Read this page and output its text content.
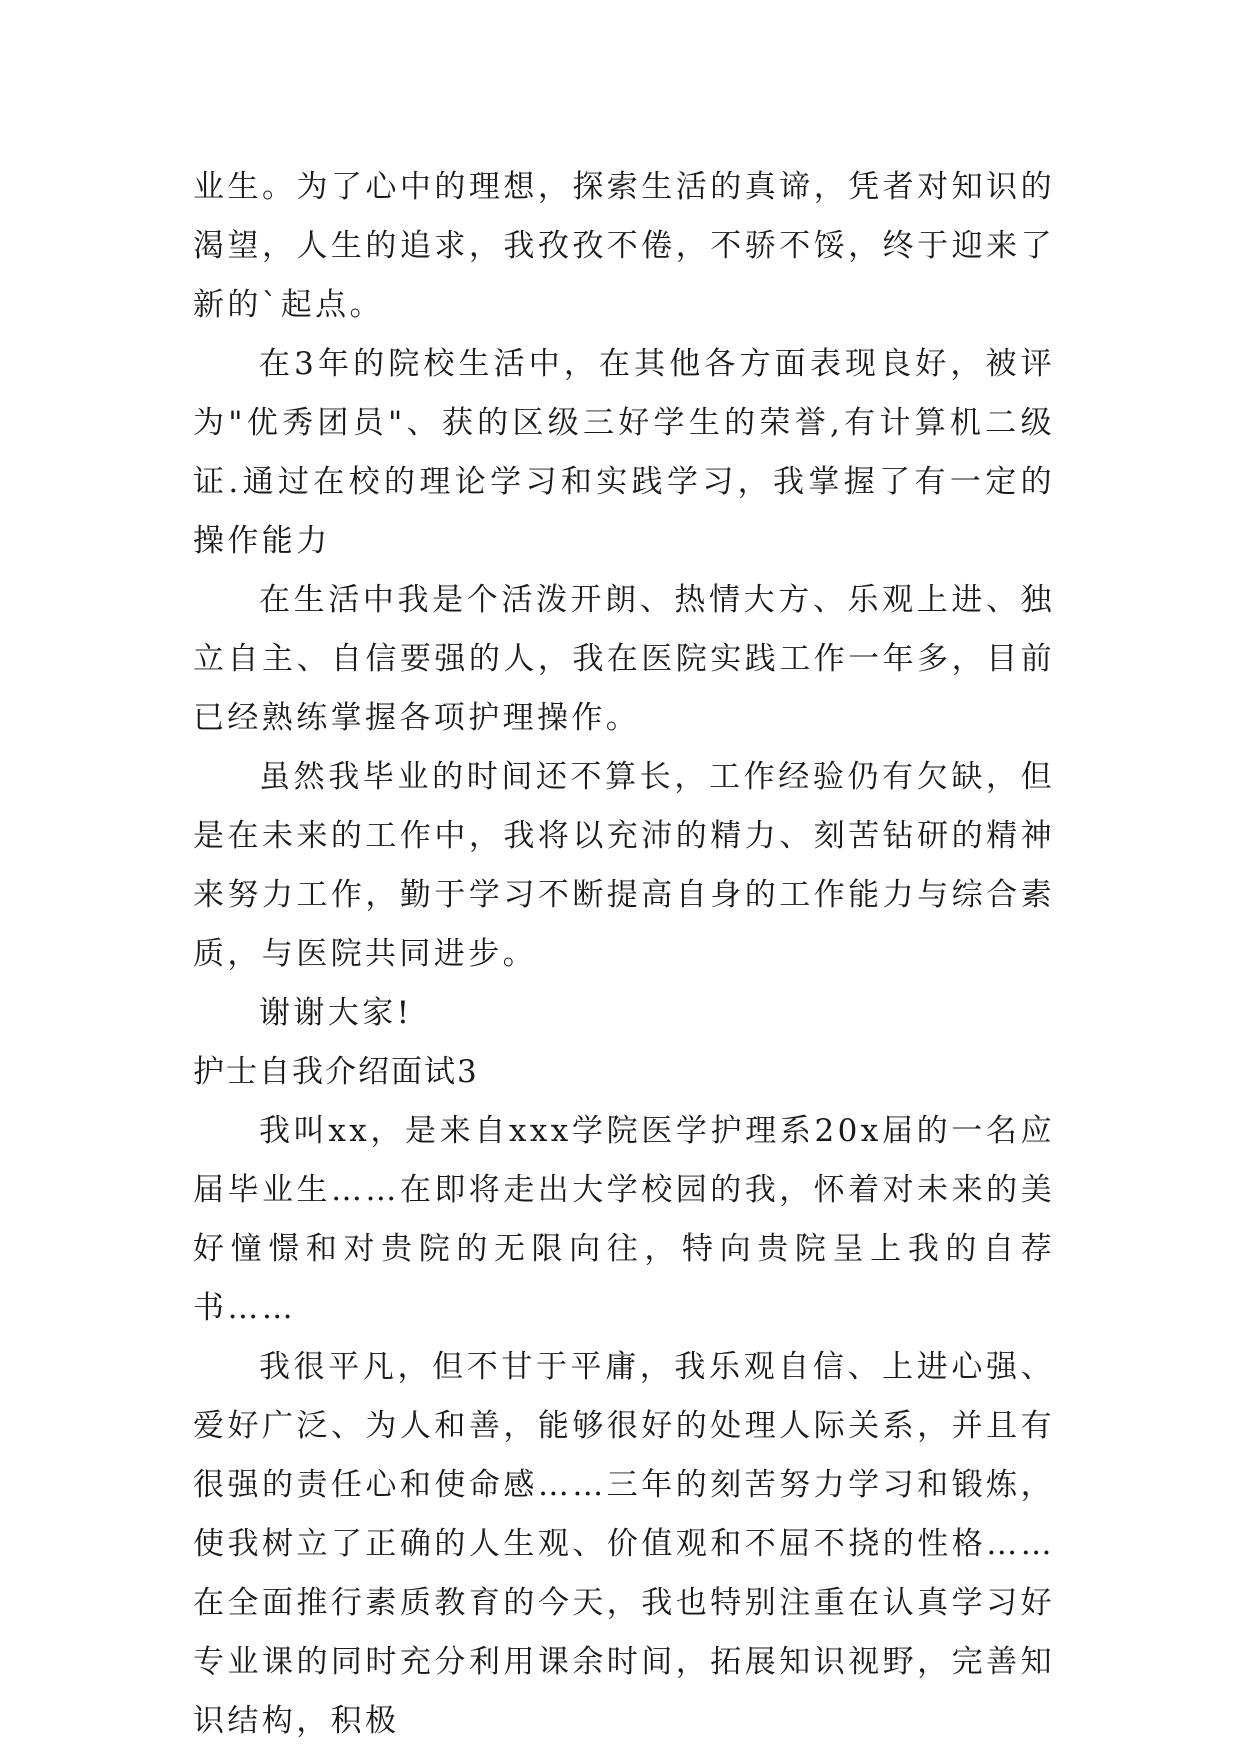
业生。为了心中的理想，探索生活的真谛，凭者对知识的渴望，人生的追求，我孜孜不倦，不骄不馁，终于迎来了新的`起点。

在3年的院校生活中，在其他各方面表现良好，被评为"优秀团员"、获的区级三好学生的荣誉,有计算机二级证.通过在校的理论学习和实践学习，我掌握了有一定的操作能力

在生活中我是个活泼开朗、热情大方、乐观上进、独立自主、自信要强的人，我在医院实践工作一年多，目前已经熟练掌握各项护理操作。

虽然我毕业的时间还不算长，工作经验仍有欠缺，但是在未来的工作中，我将以充沛的精力、刻苦钻研的精神来努力工作，勤于学习不断提高自身的工作能力与综合素质，与医院共同进步。

谢谢大家!

护士自我介绍面试3

我叫xx，是来自xxx学院医学护理系20x届的一名应届毕业生……在即将走出大学校园的我，怀着对未来的美好憧憬和对贵院的无限向往，特向贵院呈上我的自荐书……

我很平凡，但不甘于平庸，我乐观自信、上进心强、爱好广泛、为人和善，能够很好的处理人际关系，并且有很强的责任心和使命感……三年的刻苦努力学习和锻炼，使我树立了正确的人生观、价值观和不屈不挠的性格……在全面推行素质教育的今天，我也特别注重在认真学习好专业课的同时充分利用课余时间，拓展知识视野，完善知识结构，积极
